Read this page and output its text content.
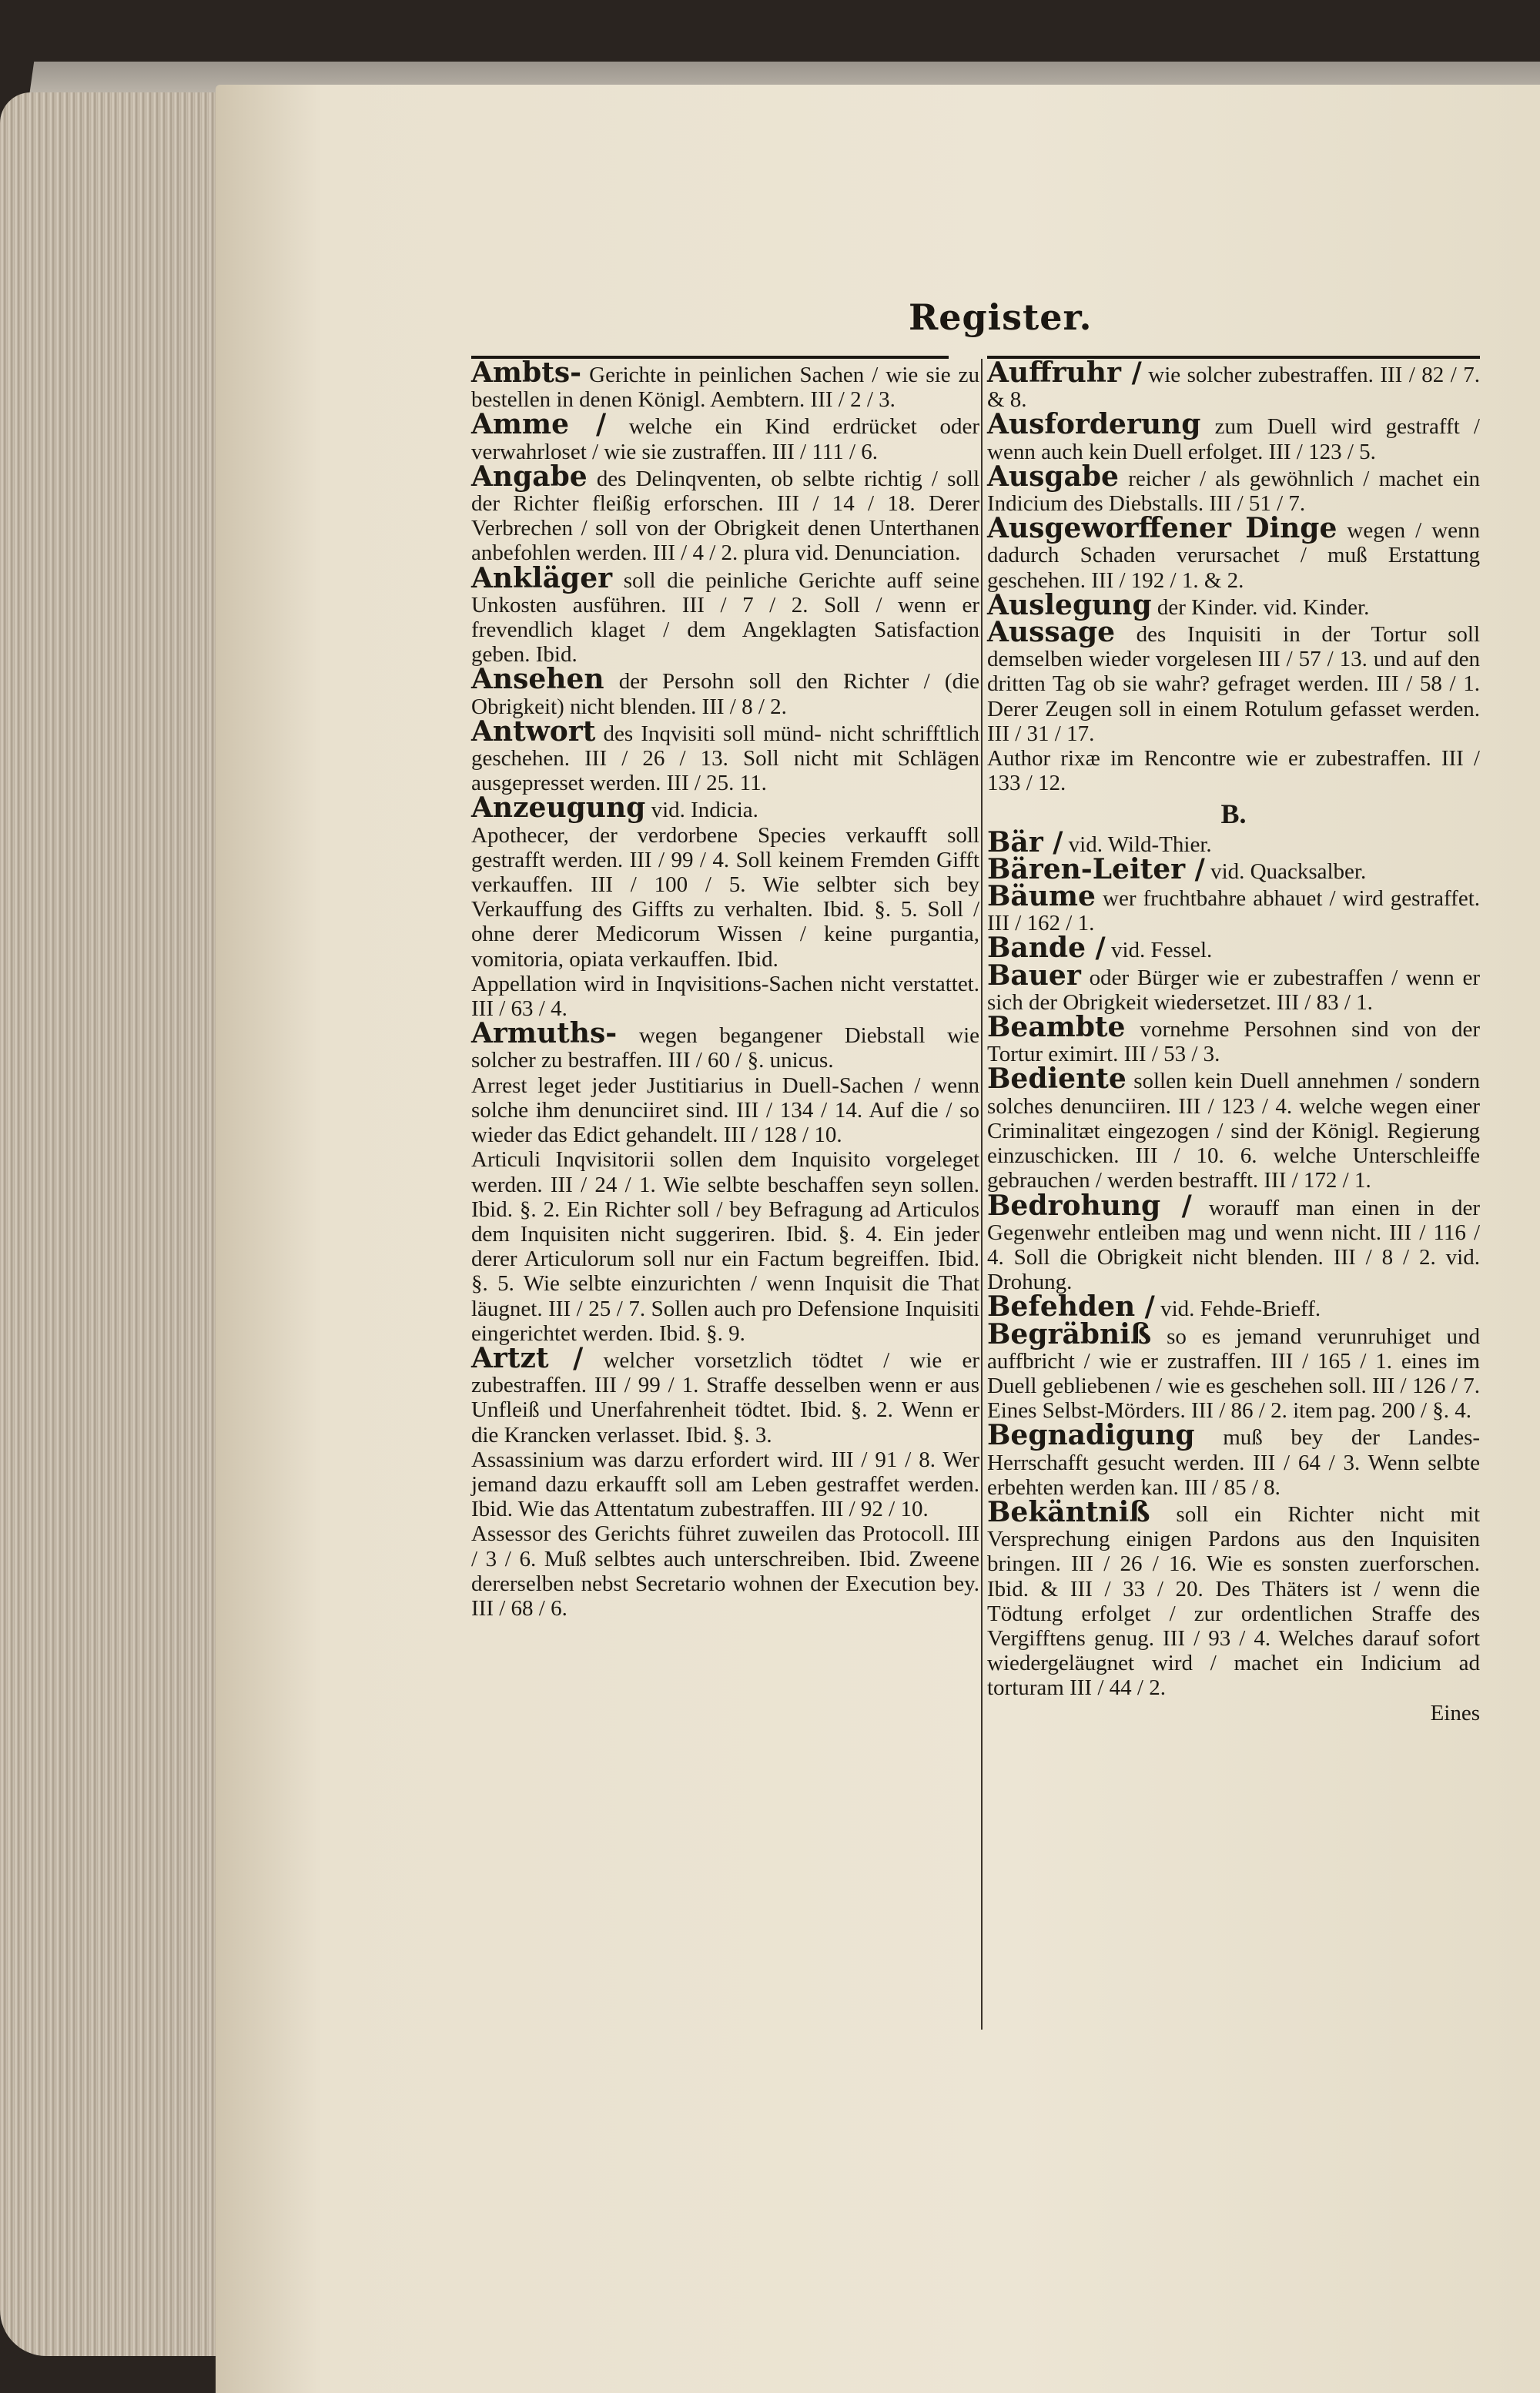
Register.

Ambts- Gerichte in peinlichen Sachen / wie sie zu bestellen in denen Königl. Aembtern. III / 2 / 3.

Amme / welche ein Kind erdrücket oder verwahrloset / wie sie zustraffen. III / 111 / 6.

Angabe des Delinqventen, ob selbte richtig / soll der Richter fleißig erforschen. III / 14 / 18. Derer Verbrechen / soll von der Obrigkeit denen Unterthanen anbefohlen werden. III / 4 / 2. plura vid. Denunciation.

Ankläger soll die peinliche Gerichte auff seine Unkosten ausführen. III / 7 / 2. Soll / wenn er frevendlich klaget / dem Angeklagten Satisfaction geben. Ibid.

Ansehen der Persohn soll den Richter / (die Obrigkeit) nicht blenden. III / 8 / 2.

Antwort des Inqvisiti soll münd- nicht schrifftlich geschehen. III / 26 / 13. Soll nicht mit Schlägen ausgepresset werden. III / 25. 11.

Anzeugung vid. Indicia.

Apothecer, der verdorbene Species verkaufft soll gestrafft werden. III / 99 / 4. Soll keinem Fremden Gifft verkauffen. III / 100 / 5. Wie selbter sich bey Verkauffung des Giffts zu verhalten. Ibid. §. 5. Soll / ohne derer Medicorum Wissen / keine purgantia, vomitoria, opiata verkauffen. Ibid.

Appellation wird in Inqvisitions-Sachen nicht verstattet. III / 63 / 4.

Armuths- wegen begangener Diebstall wie solcher zu bestraffen. III / 60 / §. unicus.

Arrest leget jeder Justitiarius in Duell-Sachen / wenn solche ihm denunciiret sind. III / 134 / 14. Auf die / so wieder das Edict gehandelt. III / 128 / 10.

Articuli Inqvisitorii sollen dem Inquisito vorgeleget werden. III / 24 / 1. Wie selbte beschaffen seyn sollen. Ibid. §. 2. Ein Richter soll / bey Befragung ad Articulos dem Inquisiten nicht suggeriren. Ibid. §. 4. Ein jeder derer Articulorum soll nur ein Factum begreiffen. Ibid. §. 5. Wie selbte einzurichten / wenn Inquisit die That läugnet. III / 25 / 7. Sollen auch pro Defensione Inquisiti eingerichtet werden. Ibid. §. 9.

Artzt / welcher vorsetzlich tödtet / wie er zubestraffen. III / 99 / 1. Straffe desselben wenn er aus Unfleiß und Unerfahrenheit tödtet. Ibid. §. 2. Wenn er die Krancken verlasset. Ibid. §. 3.

Assassinium was darzu erfordert wird. III / 91 / 8. Wer jemand dazu erkaufft soll am Leben gestraffet werden. Ibid. Wie das Attentatum zubestraffen. III / 92 / 10.

Assessor des Gerichts führet zuweilen das Protocoll. III / 3 / 6. Muß selbtes auch unterschreiben. Ibid. Zweene dererselben nebst Secretario wohnen der Execution bey. III / 68 / 6.

Auffruhr / wie solcher zubestraffen. III / 82 / 7. & 8.

Ausforderung zum Duell wird gestrafft / wenn auch kein Duell erfolget. III / 123 / 5.

Ausgabe reicher / als gewöhnlich / machet ein Indicium des Diebstalls. III / 51 / 7.

Ausgeworffener Dinge wegen / wenn dadurch Schaden verursachet / muß Erstattung geschehen. III / 192 / 1. & 2.

Auslegung der Kinder. vid. Kinder.

Aussage des Inquisiti in der Tortur soll demselben wieder vorgelesen III / 57 / 13. und auf den dritten Tag ob sie wahr? gefraget werden. III / 58 / 1. Derer Zeugen soll in einem Rotulum gefasset werden. III / 31 / 17.

Author rixæ im Rencontre wie er zubestraffen. III / 133 / 12.

B.

Bär / vid. Wild-Thier.

Bären-Leiter / vid. Quacksalber.

Bäume wer fruchtbahre abhauet / wird gestraffet. III / 162 / 1.

Bande / vid. Fessel.

Bauer oder Bürger wie er zubestraffen / wenn er sich der Obrigkeit wiedersetzet. III / 83 / 1.

Beambte vornehme Persohnen sind von der Tortur eximirt. III / 53 / 3.

Bediente sollen kein Duell annehmen / sondern solches denunciiren. III / 123 / 4. welche wegen einer Criminalitæt eingezogen / sind der Königl. Regierung einzuschicken. III / 10. 6. welche Unterschleiffe gebrauchen / werden bestrafft. III / 172 / 1.

Bedrohung / worauff man einen in der Gegenwehr entleiben mag und wenn nicht. III / 116 / 4. Soll die Obrigkeit nicht blenden. III / 8 / 2. vid. Drohung.

Befehden / vid. Fehde-Brieff.

Begräbniß so es jemand verunruhiget und auffbricht / wie er zustraffen. III / 165 / 1. eines im Duell gebliebenen / wie es geschehen soll. III / 126 / 7. Eines Selbst-Mörders. III / 86 / 2. item pag. 200 / §. 4.

Begnadigung muß bey der Landes-Herrschafft gesucht werden. III / 64 / 3. Wenn selbte erbehten werden kan. III / 85 / 8.

Bekäntniß soll ein Richter nicht mit Versprechung einigen Pardons aus den Inquisiten bringen. III / 26 / 16. Wie es sonsten zuerforschen. Ibid. & III / 33 / 20. Des Thäters ist / wenn die Tödtung erfolget / zur ordentlichen Straffe des Vergifftens genug. III / 93 / 4. Welches darauf sofort wiedergeläugnet wird / machet ein Indicium ad torturam III / 44 / 2.

Eines
